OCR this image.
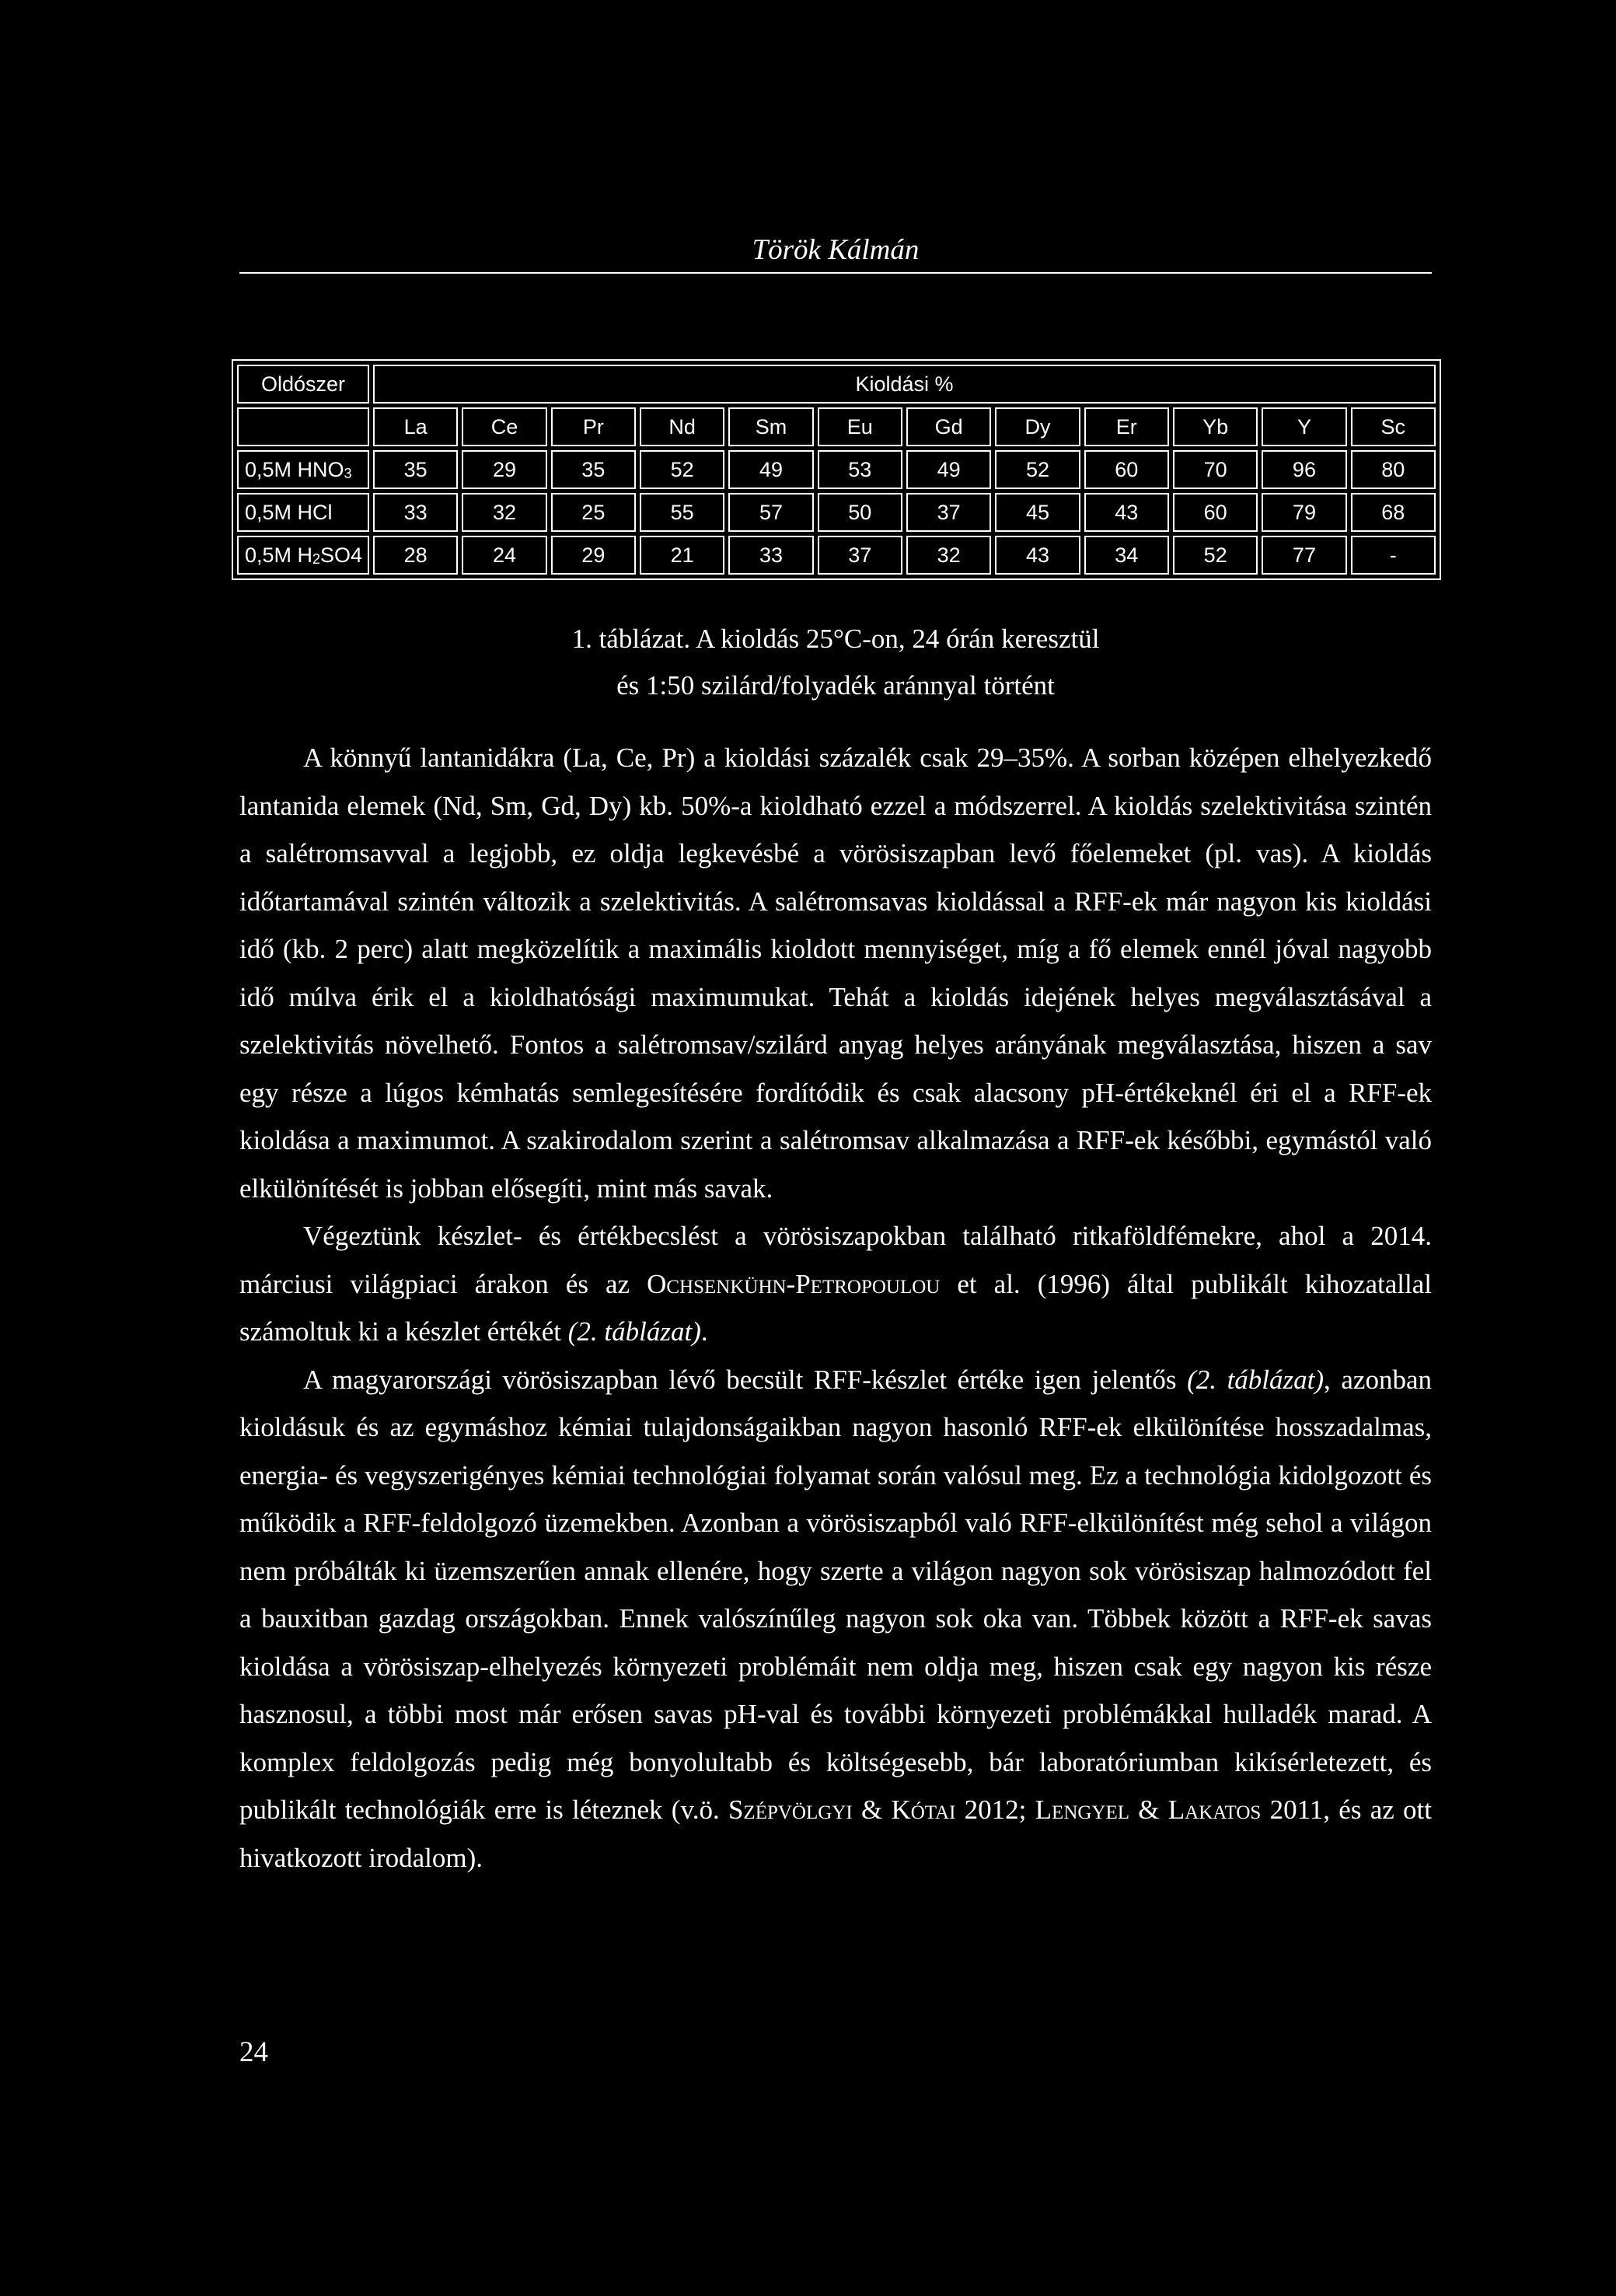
Török Kálmán
Oldószer	Kioldási %											
	La	Ce	Pr	Nd	Sm	Eu	Gd	Dy	Er	Yb	Y	Sc
0,5M $HNO_3$	35	29	35	52	49	53	49	52	60	70	96	80
0,5M HCl	33	32	25	55	57	50	37	45	43	60	79	68
0,5M $H_2SO4$	28	24	29	21	33	37	32	43	34	52	77	-
1. táblázat. A kioldás 25°C-on, 24 órán keresztül
és 1:50 szilárd/folyadék aránnyal történt

A könnyű lantanidákra (La, Ce, Pr) a kioldási százalék csak 29–35%. A sorban középen elhelyezkedő lantanida elemek (Nd, Sm, Gd, Dy) kb. 50%-a kioldható ezzel a módszerrel. A kioldás szelektivitása szintén a salétromsavval a legjobb, ez oldja legkevésbé a vörösiszapban levő főelemeket (pl. vas). A kioldás időtartamával szintén változik a szelektivitás. A salétromsavas kioldással a RFF-ek már nagyon kis kioldási idő (kb. 2 perc) alatt megközelítik a maximális kioldott mennyiséget, míg a fő elemek ennél jóval nagyobb idő múlva érik el a kioldhatósági maximumukat. Tehát a kioldás idejének helyes megválasztásával a szelektivitás növelhető. Fontos a salétromsav/szilárd anyag helyes arányának megválasztása, hiszen a sav egy része a lúgos kémhatás semlegesítésére fordítódik és csak alacsony pH-értékeknél éri el a RFF-ek kioldása a maximumot. A szakirodalom szerint a salétromsav alkalmazása a RFF-ek későbbi, egymástól való elkülönítését is jobban elősegíti, mint más savak.

Végeztünk készlet- és értékbecslést a vörösiszapokban található ritkaföldfémekre, ahol a 2014. márciusi világpiaci árakon és az Ochsenkühn-Petropoulou et al. (1996) által publikált kihozatallal számoltuk ki a készlet értékét (2. táblázat).

A magyarországi vörösiszapban lévő becsült RFF-készlet értéke igen jelentős (2. táblázat), azonban kioldásuk és az egymáshoz kémiai tulajdonságaikban nagyon hasonló RFF-ek elkülönítése hosszadalmas, energia- és vegyszerigényes kémiai technológiai folyamat során valósul meg. Ez a technológia kidolgozott és működik a RFF-feldolgozó üzemekben. Azonban a vörösiszapból való RFF-elkülönítést még sehol a világon nem próbálták ki üzemszerűen annak ellenére, hogy szerte a világon nagyon sok vörösiszap halmozódott fel a bauxitban gazdag országokban. Ennek valószínűleg nagyon sok oka van. Többek között a RFF-ek savas kioldása a vörösiszap-elhelyezés környezeti problémáit nem oldja meg, hiszen csak egy nagyon kis része hasznosul, a többi most már erősen savas pH-val és további környezeti problémákkal hulladék marad. A komplex feldolgozás pedig még bonyolultabb és költségesebb, bár laboratóriumban kikísérletezett, és publikált technológiák erre is léteznek (v.ö. Szépvölgyi & Kótai 2012; Lengyel & Lakatos 2011, és az ott hivatkozott irodalom).

24
